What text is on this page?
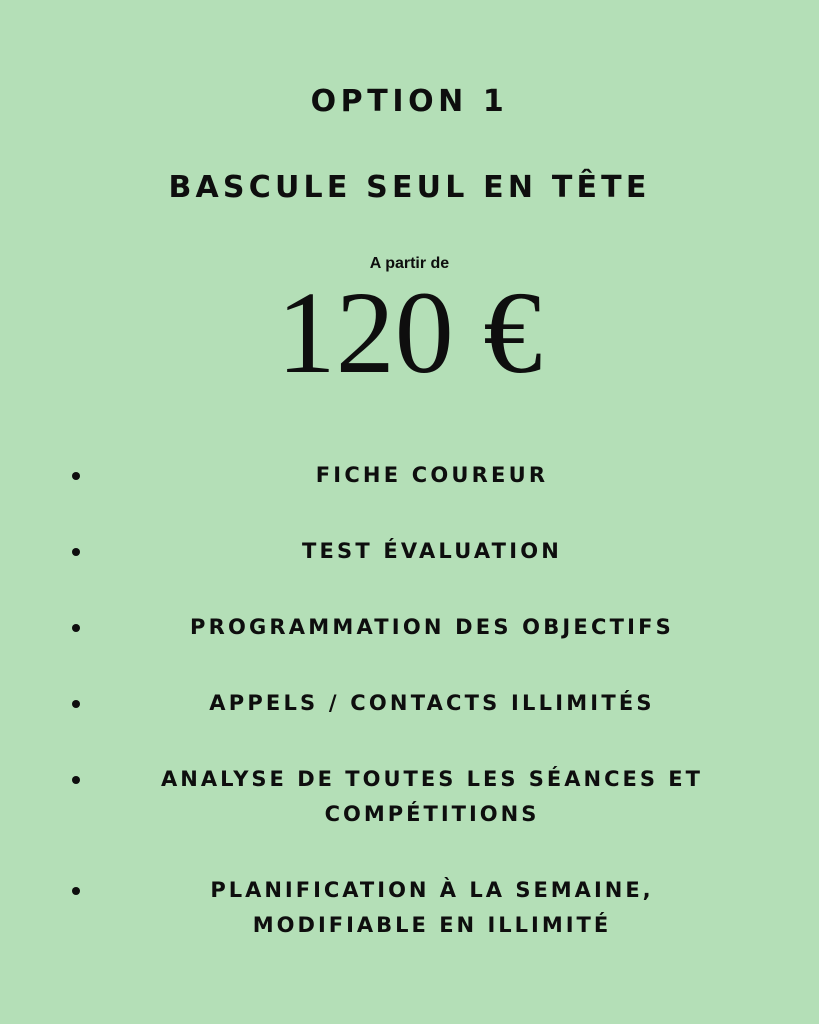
OPTION 1
BASCULE SEUL EN TÊTE
A partir de
120 €
FICHE COUREUR
TEST ÉVALUATION
PROGRAMMATION DES OBJECTIFS
APPELS / CONTACTS ILLIMITÉS
ANALYSE DE TOUTES LES SÉANCES ET
COMPÉTITIONS
PLANIFICATION À LA SEMAINE,
MODIFIABLE EN ILLIMITÉ
